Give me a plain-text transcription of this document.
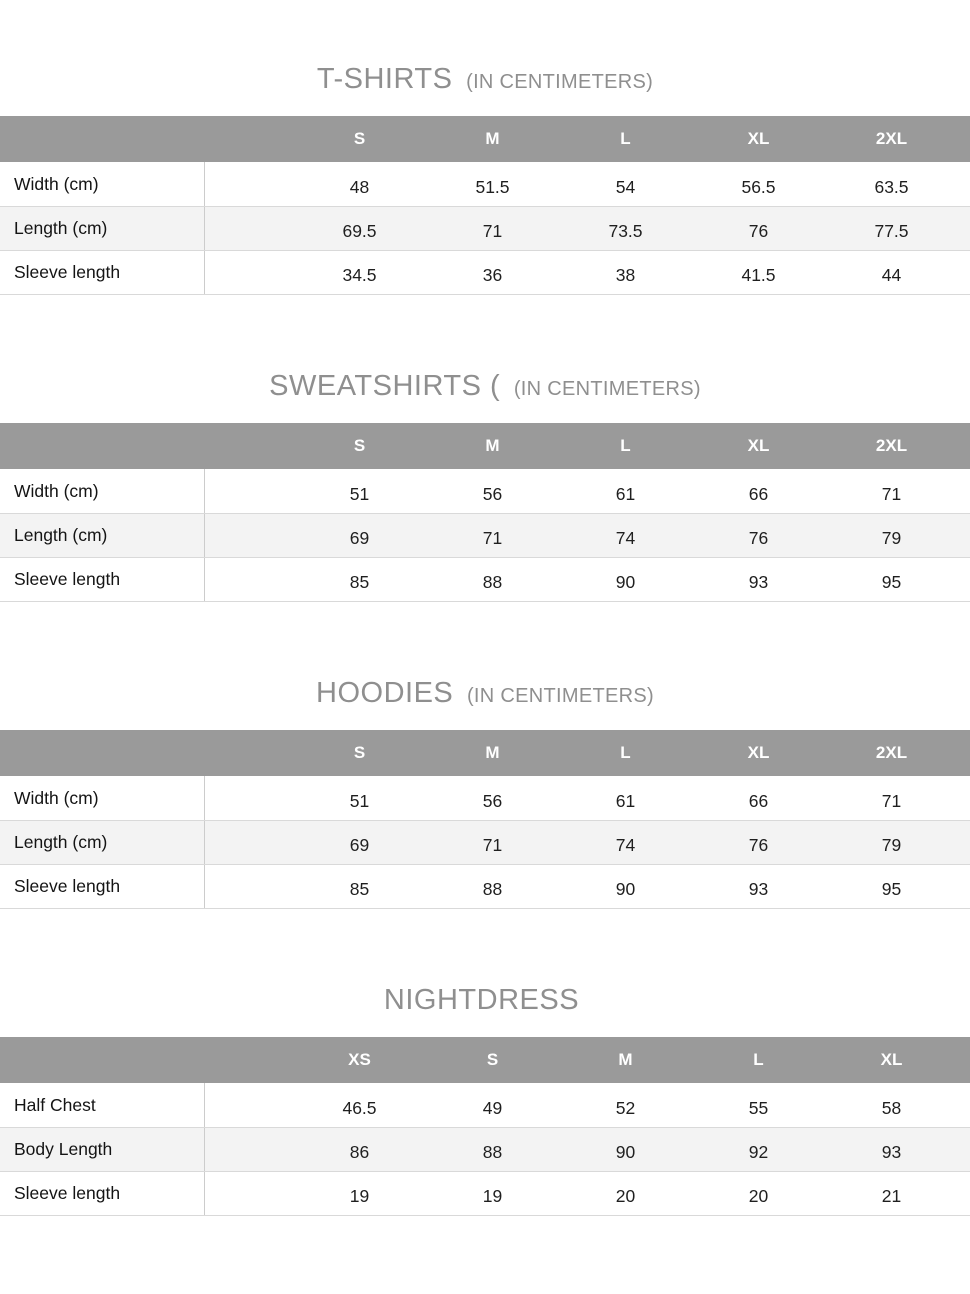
T-SHIRTS (IN CENTIMETERS)
S	M	L	XL	2XL
Width (cm)	48	51.5	54	56.5	63.5
Length (cm)	69.5	71	73.5	76	77.5
Sleeve length	34.5	36	38	41.5	44
SWEATSHIRTS ( (IN CENTIMETERS)
S	M	L	XL	2XL
Width (cm)	51	56	61	66	71
Length (cm)	69	71	74	76	79
Sleeve length	85	88	90	93	95
HOODIES (IN CENTIMETERS)
S	M	L	XL	2XL
Width (cm)	51	56	61	66	71
Length (cm)	69	71	74	76	79
Sleeve length	85	88	90	93	95
NIGHTDRESS
XS	S	M	L	XL
Half Chest	46.5	49	52	55	58
Body Length	86	88	90	92	93
Sleeve length	19	19	20	20	21
